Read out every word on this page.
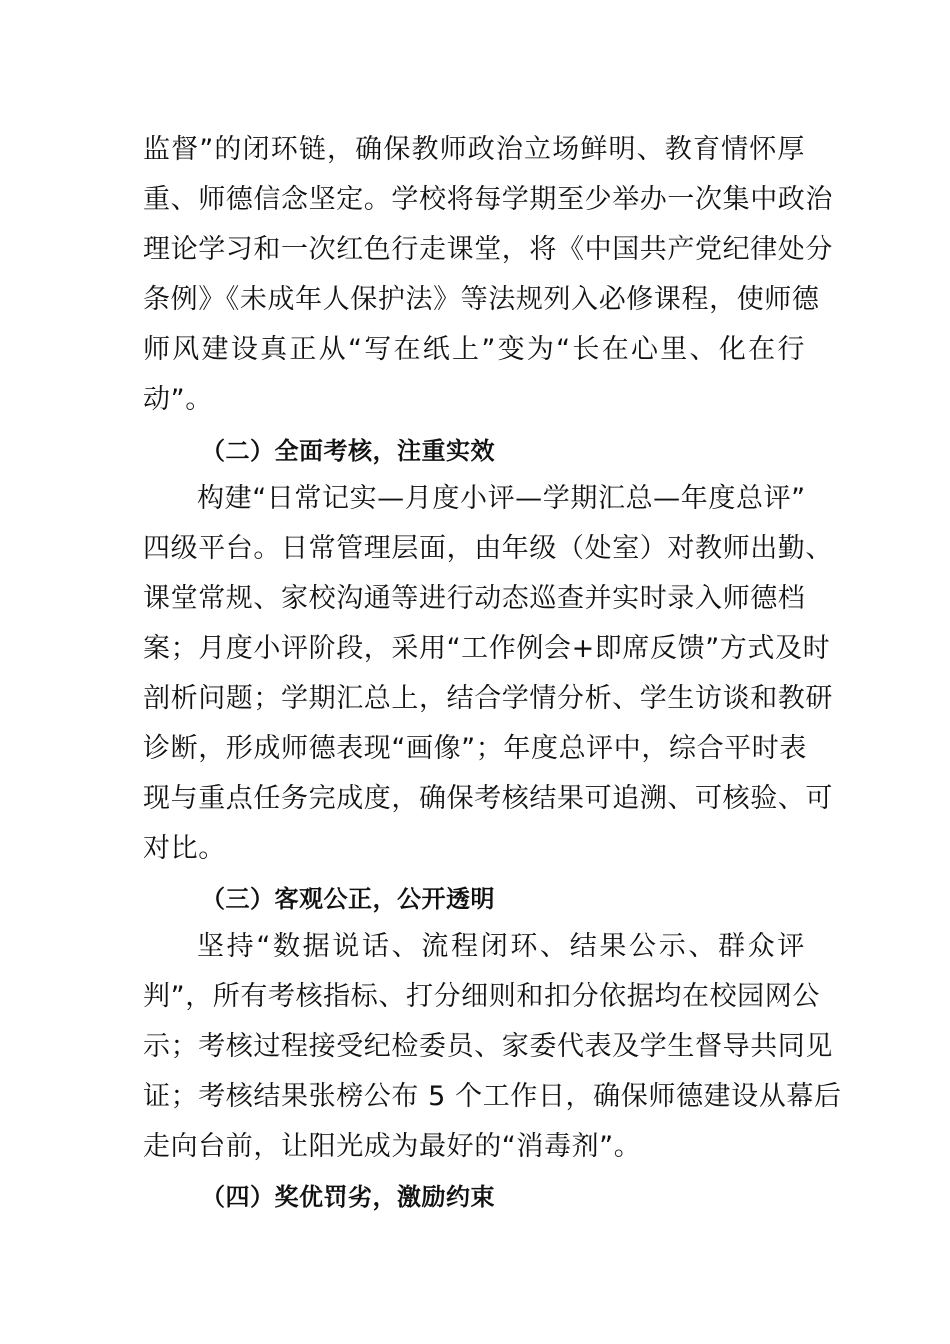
监督”的闭环链，确保教师政治立场鲜明、教育情怀厚
重、师德信念坚定。学校将每学期至少举办一次集中政治
理论学习和一次红色行走课堂，将《中国共产党纪律处分
条例》《未成年人保护法》等法规列入必修课程，使师德
师风建设真正从“写在纸上”变为“长在心里、化在行
动”。
（二）全面考核，注重实效
构建“日常记实—月度小评—学期汇总—年度总评”
四级平台。日常管理层面，由年级（处室）对教师出勤、
课堂常规、家校沟通等进行动态巡查并实时录入师德档
案；月度小评阶段，采用“工作例会+即席反馈”方式及时
剖析问题；学期汇总上，结合学情分析、学生访谈和教研
诊断，形成师德表现“画像”；年度总评中，综合平时表
现与重点任务完成度，确保考核结果可追溯、可核验、可
对比。
（三）客观公正，公开透明
坚持“数据说话、流程闭环、结果公示、群众评
判”，所有考核指标、打分细则和扣分依据均在校园网公
示；考核过程接受纪检委员、家委代表及学生督导共同见
证；考核结果张榜公布 5 个工作日，确保师德建设从幕后
走向台前，让阳光成为最好的“消毒剂”。
（四）奖优罚劣，激励约束
